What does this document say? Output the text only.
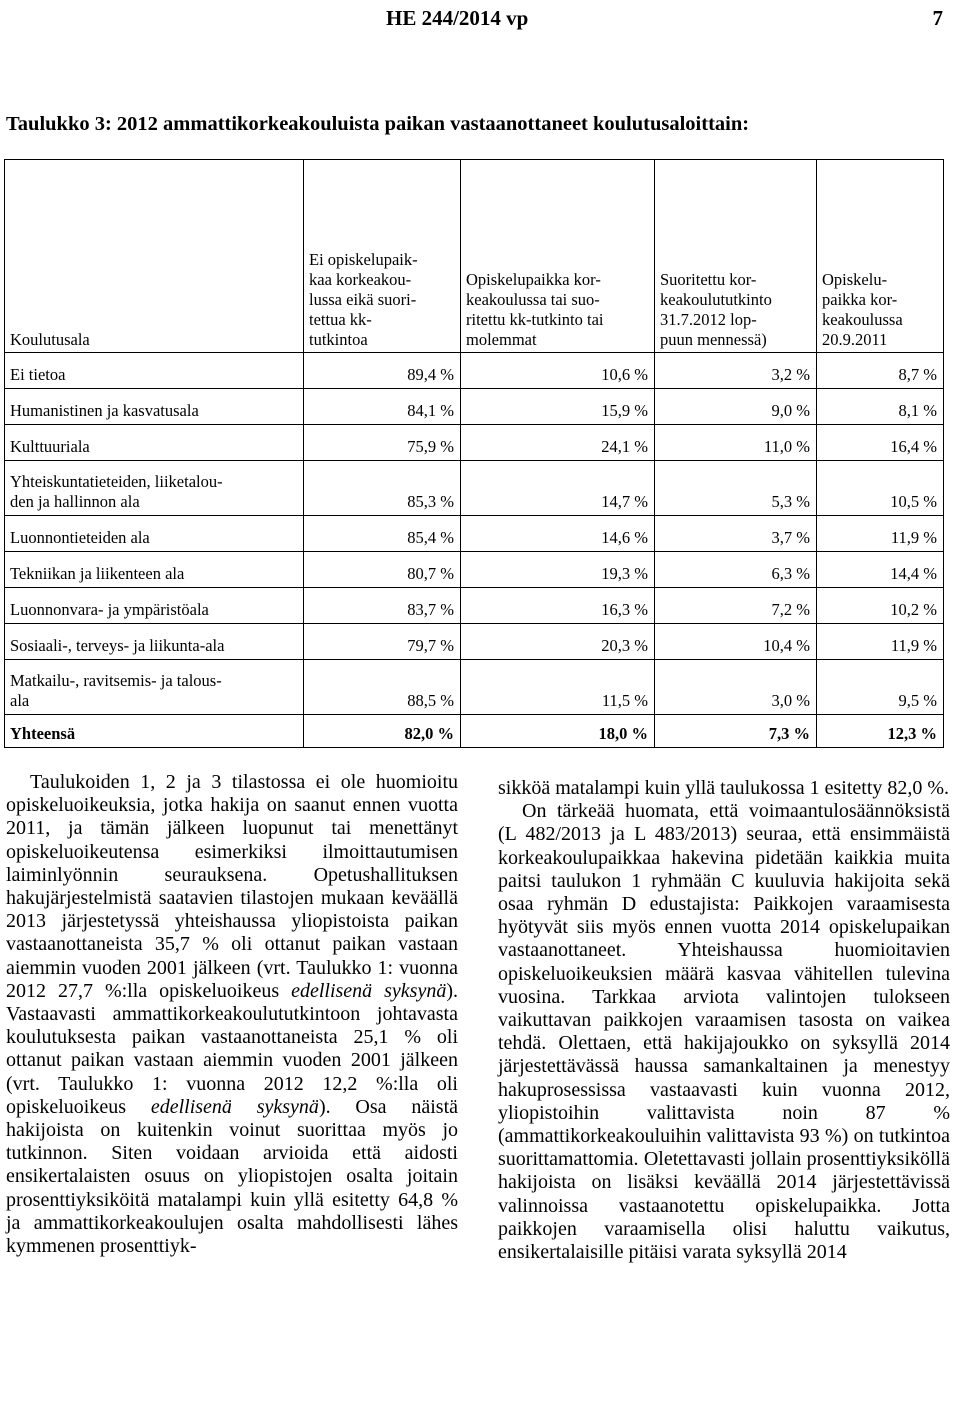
HE 244/2014 vp	7
Taulukko 3: 2012 ammattikorkeakouluista paikan vastaanottaneet koulutusaloittain:
Koulutusala	Ei opiskelupaik-
kaa korkeakou-
lussa eikä suori-
tettua kk-
tutkintoa	Opiskelupaikka kor-
keakoulussa tai suo-
ritettu kk-tutkinto tai
molemmat	Suoritettu kor-
keakoulututkinto
31.7.2012 lop-
puun mennessä)	Opiskelu-
paikka kor-
keakoulussa
20.9.2011

Ei tietoa	89,4 %	10,6 %	3,2 %	8,7 %

Humanistinen ja kasvatusala	84,1 %	15,9 %	9,0 %	8,1 %

Kulttuuriala	75,9 %	24,1 %	11,0 %	16,4 %

Yhteiskuntatieteiden, liiketalou-
den ja hallinnon ala	85,3 %	14,7 %	5,3 %	10,5 %

Luonnontieteiden ala	85,4 %	14,6 %	3,7 %	11,9 %

Tekniikan ja liikenteen ala	80,7 %	19,3 %	6,3 %	14,4 %

Luonnonvara- ja ympäristöala	83,7 %	16,3 %	7,2 %	10,2 %

Sosiaali-, terveys- ja liikunta-ala	79,7 %	20,3 %	10,4 %	11,9 %

Matkailu-, ravitsemis- ja talous-
ala	88,5 %	11,5 %	3,0 %	9,5 %
Yhteensä	82,0 %	18,0 %	7,3 %	12,3 %

Taulukoiden 1, 2 ja 3 tilastossa ei ole huomioitu opiskeluoikeuksia, jotka hakija on saanut ennen vuotta 2011, ja tämän jälkeen luopunut tai menettänyt opiskeluoikeutensa esimerkiksi ilmoittautumisen laiminlyönnin seurauksena. Opetushallituksen hakujärjestelmistä saatavien tilastojen mukaan keväällä 2013 järjestetyssä yhteishaussa yliopistoista paikan vastaanottaneista 35,7 % oli ottanut paikan vastaan aiemmin vuoden 2001 jälkeen (vrt. Taulukko 1: vuonna 2012 27,7 %:lla opiskeluoikeus edellisenä syksynä). Vastaavasti ammattikorkeakoulututkintoon johtavasta koulutuksesta paikan vastaanottaneista 25,1 % oli ottanut paikan vastaan aiemmin vuoden 2001 jälkeen (vrt. Taulukko 1: vuonna 2012 12,2 %:lla oli opiskeluoikeus edellisenä syksynä). Osa näistä hakijoista on kuitenkin voinut suorittaa myös jo tutkinnon. Siten voidaan arvioida että aidosti ensikertalaisten osuus on yliopistojen osalta joitain prosenttiyksiköitä matalampi kuin yllä esitetty 64,8 % ja ammattikorkeakoulujen osalta mahdollisesti lähes kymmenen prosenttiyk-

sikköä matalampi kuin yllä taulukossa 1 esitetty 82,0 %.

On tärkeää huomata, että voimaantulosäännöksistä (L 482/2013 ja L 483/2013) seuraa, että ensimmäistä korkeakoulupaikkaa hakevina pidetään kaikkia muita paitsi taulukon 1 ryhmään C kuuluvia hakijoita sekä osaa ryhmän D edustajista: Paikkojen varaamisesta hyötyvät siis myös ennen vuotta 2014 opiskelupaikan vastaanottaneet. Yhteishaussa huomioitavien opiskeluoikeuksien määrä kasvaa vähitellen tulevina vuosina. Tarkkaa arviota valintojen tulokseen vaikuttavan paikkojen varaamisen tasosta on vaikea tehdä. Olettaen, että hakijajoukko on syksyllä 2014 järjestettävässä haussa samankaltainen ja menestyy hakuprosessissa vastaavasti kuin vuonna 2012, yliopistoihin valittavista noin 87 % (ammattikorkeakouluihin valittavista 93 %) on tutkintoa suorittamattomia. Oletettavasti jollain prosenttiyksiköllä hakijoista on lisäksi keväällä 2014 järjestettävissä valinnoissa vastaanotettu opiskelupaikka. Jotta paikkojen varaamisella olisi haluttu vaikutus, ensikertalaisille pitäisi varata syksyllä 2014
